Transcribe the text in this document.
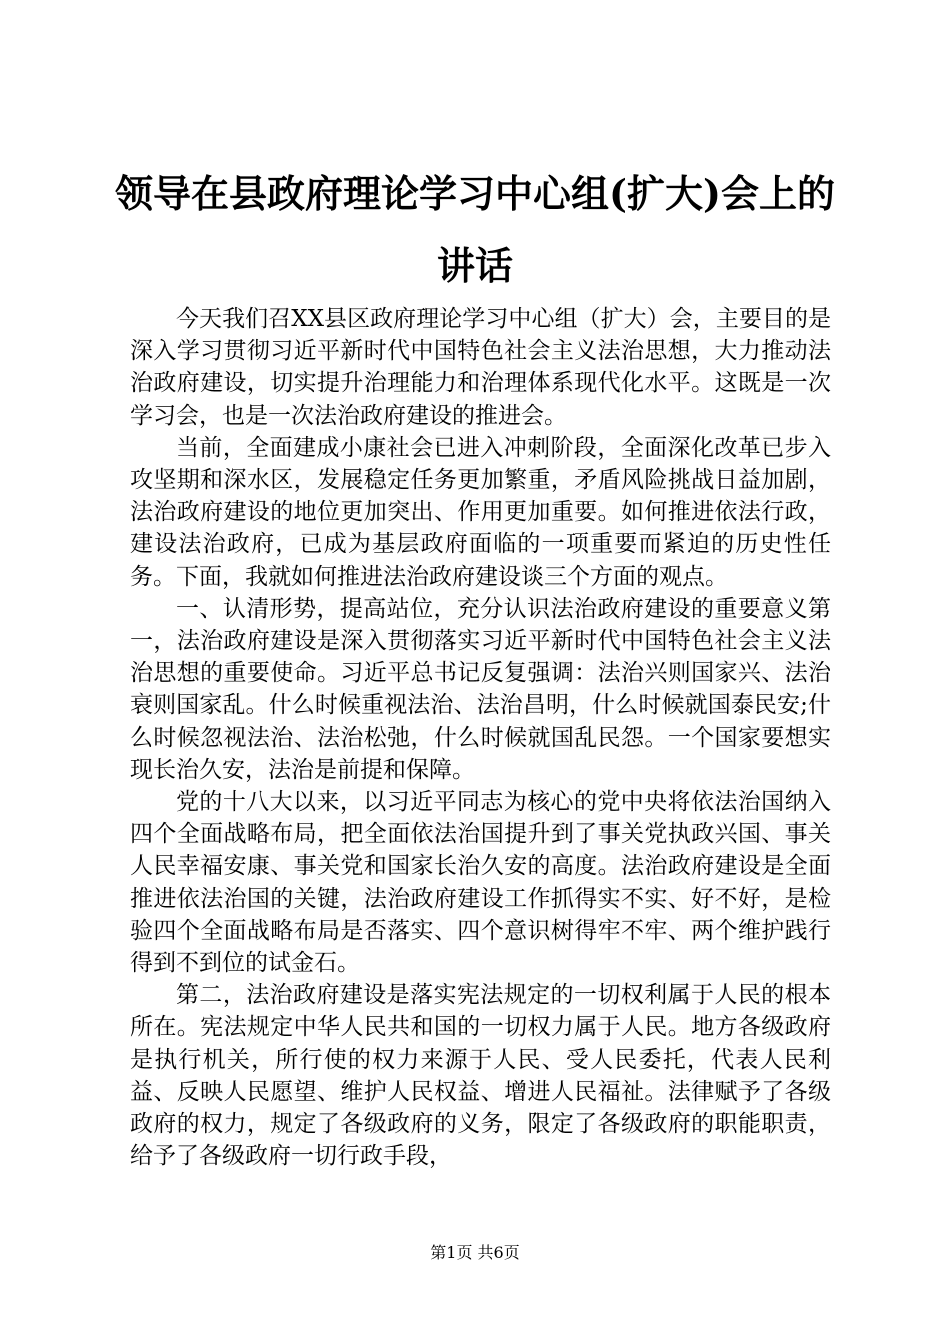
领导在县政府理论学习中心组(扩大)会上的讲话

今天我们召XX县区政府理论学习中心组（扩大）会，主要目的是深入学习贯彻习近平新时代中国特色社会主义法治思想，大力推动法治政府建设，切实提升治理能力和治理体系现代化水平。这既是一次学习会，也是一次法治政府建设的推进会。

当前，全面建成小康社会已进入冲刺阶段，全面深化改革已步入攻坚期和深水区，发展稳定任务更加繁重，矛盾风险挑战日益加剧，法治政府建设的地位更加突出、作用更加重要。如何推进依法行政，建设法治政府，已成为基层政府面临的一项重要而紧迫的历史性任务。下面，我就如何推进法治政府建设谈三个方面的观点。

一、认清形势，提高站位，充分认识法治政府建设的重要意义第一，法治政府建设是深入贯彻落实习近平新时代中国特色社会主义法治思想的重要使命。习近平总书记反复强调：法治兴则国家兴、法治衰则国家乱。什么时候重视法治、法治昌明，什么时候就国泰民安;什么时候忽视法治、法治松弛，什么时候就国乱民怨。一个国家要想实现长治久安，法治是前提和保障。

党的十八大以来，以习近平同志为核心的党中央将依法治国纳入四个全面战略布局，把全面依法治国提升到了事关党执政兴国、事关人民幸福安康、事关党和国家长治久安的高度。法治政府建设是全面推进依法治国的关键，法治政府建设工作抓得实不实、好不好，是检验四个全面战略布局是否落实、四个意识树得牢不牢、两个维护践行得到不到位的试金石。

第二，法治政府建设是落实宪法规定的一切权利属于人民的根本所在。宪法规定中华人民共和国的一切权力属于人民。地方各级政府是执行机关，所行使的权力来源于人民、受人民委托，代表人民利益、反映人民愿望、维护人民权益、增进人民福祉。法律赋予了各级政府的权力，规定了各级政府的义务，限定了各级政府的职能职责，给予了各级政府一切行政手段，

第1页 共6页
